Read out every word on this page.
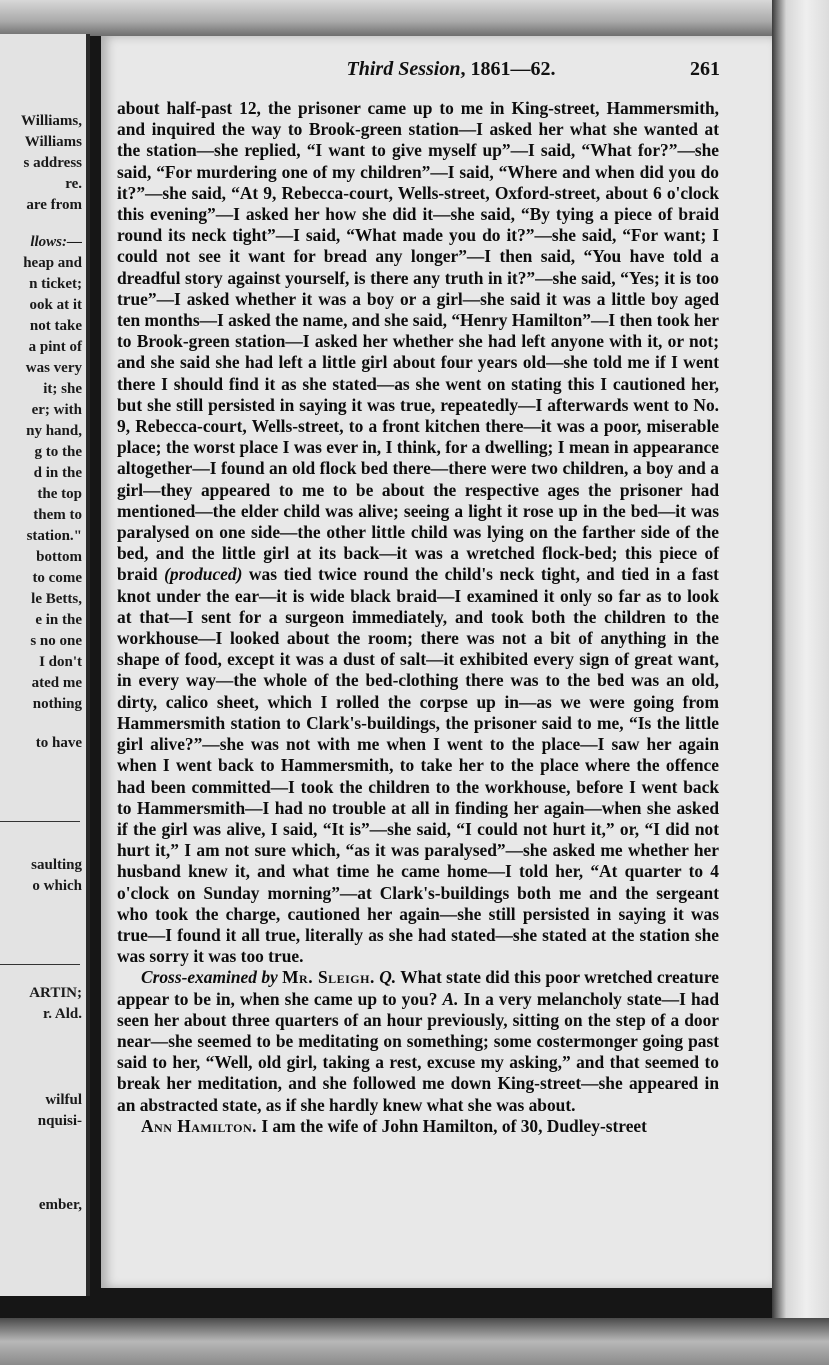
Williams,
Williams
s address
re.
are from
llows:—
heap and
n ticket;
ook at it
not take
a pint of
was very
it; she
er; with
ny hand,
g to the
d in the
the top
them to
station."
bottom
to come
le Betts,
e in the
s no one
I don't
ated me
nothing
to have
saulting
o which
ARTIN;
r. Ald.
wilful
nquisi-
ember,
Third Session, 1861—62.	261

about half-past 12, the prisoner came up to me in King-street, Hammersmith, and inquired the way to Brook-green station—I asked her what she wanted at the station—she replied, “I want to give myself up”—I said, “What for?”—she said, “For murdering one of my children”—I said, “Where and when did you do it?”—she said, “At 9, Rebecca-court, Wells-street, Oxford-street, about 6 o'clock this evening”—I asked her how she did it—she said, “By tying a piece of braid round its neck tight”—I said, “What made you do it?”—she said, “For want; I could not see it want for bread any longer”—I then said, “You have told a dreadful story against yourself, is there any truth in it?”—she said, “Yes; it is too true”—I asked whether it was a boy or a girl—she said it was a little boy aged ten months—I asked the name, and she said, “Henry Hamilton”—I then took her to Brook-green station—I asked her whether she had left anyone with it, or not; and she said she had left a little girl about four years old—she told me if I went there I should find it as she stated—as she went on stating this I cautioned her, but she still persisted in saying it was true, repeatedly—I afterwards went to No. 9, Rebecca-court, Wells-street, to a front kitchen there—it was a poor, miserable place; the worst place I was ever in, I think, for a dwelling; I mean in appearance altogether—I found an old flock bed there—there were two children, a boy and a girl—they appeared to me to be about the respective ages the prisoner had mentioned—the elder child was alive; seeing a light it rose up in the bed—it was paralysed on one side—the other little child was lying on the farther side of the bed, and the little girl at its back—it was a wretched flock-bed; this piece of braid (produced) was tied twice round the child's neck tight, and tied in a fast knot under the ear—it is wide black braid—I examined it only so far as to look at that—I sent for a surgeon immediately, and took both the children to the workhouse—I looked about the room; there was not a bit of anything in the shape of food, except it was a dust of salt—it exhibited every sign of great want, in every way—the whole of the bed-clothing there was to the bed was an old, dirty, calico sheet, which I rolled the corpse up in—as we were going from Hammersmith station to Clark's-buildings, the prisoner said to me, “Is the little girl alive?”—she was not with me when I went to the place—I saw her again when I went back to Hammersmith, to take her to the place where the offence had been committed—I took the children to the workhouse, before I went back to Hammersmith—I had no trouble at all in finding her again—when she asked if the girl was alive, I said, “It is”—she said, “I could not hurt it,” or, “I did not hurt it,” I am not sure which, “as it was paralysed”—she asked me whether her husband knew it, and what time he came home—I told her, “At quarter to 4 o'clock on Sunday morning”—at Clark's-buildings both me and the sergeant who took the charge, cautioned her again—she still persisted in saying it was true—I found it all true, literally as she had stated—she stated at the station she was sorry it was too true.

Cross-examined by Mr. Sleigh. Q. What state did this poor wretched creature appear to be in, when she came up to you? A. In a very melancholy state—I had seen her about three quarters of an hour previously, sitting on the step of a door near—she seemed to be meditating on something; some costermonger going past said to her, “Well, old girl, taking a rest, excuse my asking,” and that seemed to break her meditation, and she followed me down King-street—she appeared in an abstracted state, as if she hardly knew what she was about.

Ann Hamilton. I am the wife of John Hamilton, of 30, Dudley-street
